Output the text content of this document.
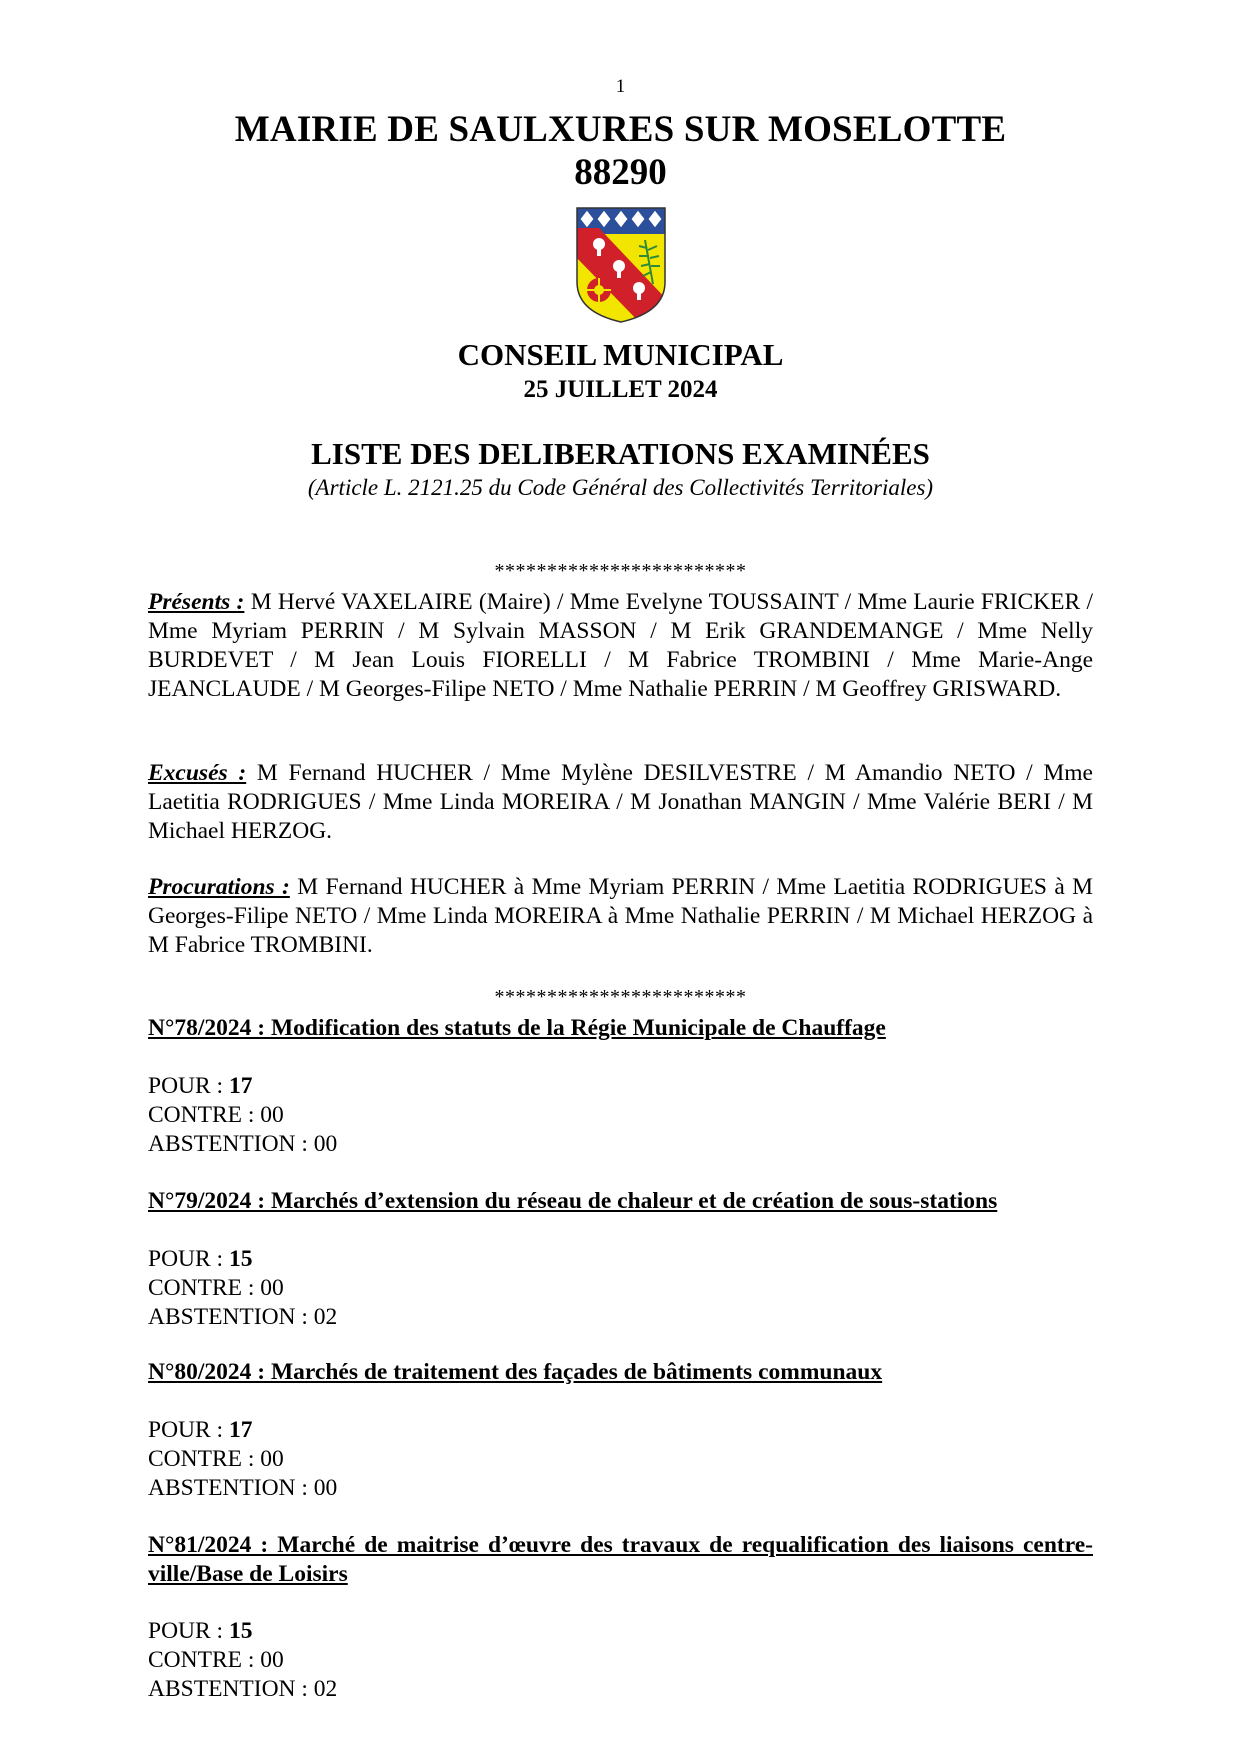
1
MAIRIE DE SAULXURES SUR MOSELOTTE
88290
CONSEIL MUNICIPAL
25 JUILLET 2024
LISTE DES DELIBERATIONS EXAMINÉES
(Article L. 2121.25 du Code Général des Collectivités Territoriales)
************************
Présents : M Hervé VAXELAIRE (Maire) / Mme Evelyne TOUSSAINT / Mme Laurie FRICKER / Mme Myriam PERRIN / M Sylvain MASSON / M Erik GRANDEMANGE / Mme Nelly BURDEVET / M Jean Louis FIORELLI / M Fabrice TROMBINI / Mme Marie-Ange JEANCLAUDE / M Georges-Filipe NETO / Mme Nathalie PERRIN / M Geoffrey GRISWARD.
Excusés : M Fernand HUCHER / Mme Mylène DESILVESTRE / M Amandio NETO / Mme Laetitia RODRIGUES / Mme Linda MOREIRA / M Jonathan MANGIN / Mme Valérie BERI / M Michael HERZOG.
Procurations : M Fernand HUCHER à Mme Myriam PERRIN / Mme Laetitia RODRIGUES à M Georges-Filipe NETO / Mme Linda MOREIRA à Mme Nathalie PERRIN / M Michael HERZOG à M Fabrice TROMBINI.
************************
N°78/2024 : Modification des statuts de la Régie Municipale de Chauffage
POUR : 17
CONTRE : 00
ABSTENTION : 00
N°79/2024 : Marchés d’extension du réseau de chaleur et de création de sous-stations
POUR : 15
CONTRE : 00
ABSTENTION : 02
N°80/2024 : Marchés de traitement des façades de bâtiments communaux
POUR : 17
CONTRE : 00
ABSTENTION : 00
N°81/2024 : Marché de maitrise d’œuvre des travaux de requalification des liaisons centre-ville/Base de Loisirs
POUR : 15
CONTRE : 00
ABSTENTION : 02
